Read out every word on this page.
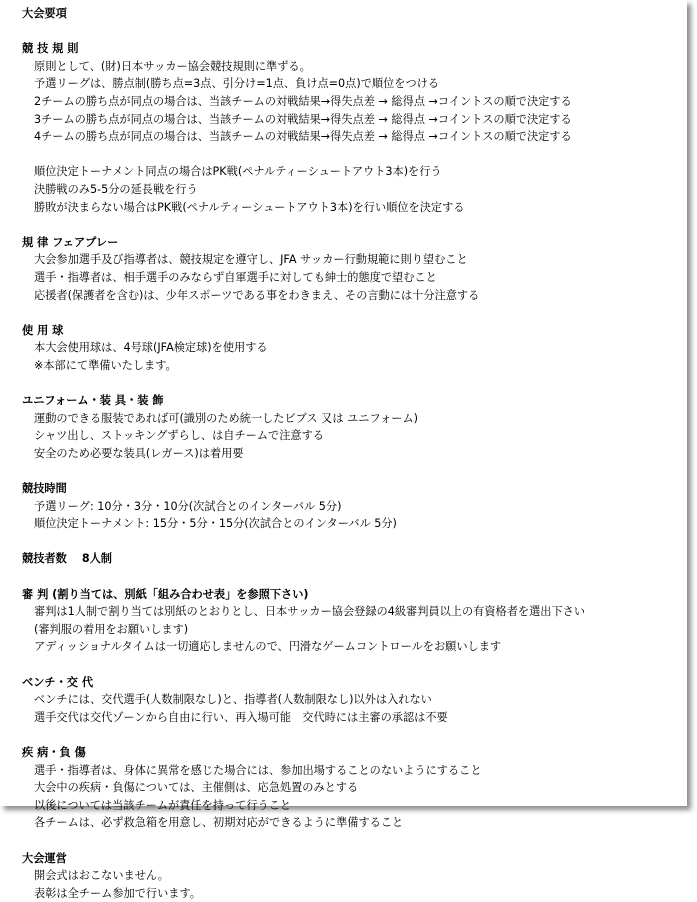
大会要項
競 技 規 則
原則として、(財)日本サッカー協会競技規則に準ずる。
予選リーグは、勝点制(勝ち点=3点、引分け=1点、負け点=0点)で順位をつける
2チームの勝ち点が同点の場合は、当該チームの対戦結果→得失点差 → 総得点 →コイントスの順で決定する
3チームの勝ち点が同点の場合は、当該チームの対戦結果→得失点差 → 総得点 →コイントスの順で決定する
4チームの勝ち点が同点の場合は、当該チームの対戦結果→得失点差 → 総得点 →コイントスの順で決定する
順位決定トーナメント同点の場合はPK戦(ペナルティーシュートアウト3本)を行う
決勝戦のみ5-5分の延長戦を行う
勝敗が決まらない場合はPK戦(ペナルティーシュートアウト3本)を行い順位を決定する
規 律 フェアプレー
大会参加選手及び指導者は、競技規定を遵守し、JFA サッカー行動規範に則り望むこと
選手・指導者は、相手選手のみならず自軍選手に対しても紳士的態度で望むこと
応援者(保護者を含む)は、少年スポーツである事をわきまえ、その言動には十分注意する
使 用 球
本大会使用球は、4号球(JFA検定球)を使用する
※本部にて準備いたします。
ユニフォーム・装 具・装 飾
運動のできる服装であれば可(識別のため統一したビブス 又は ユニフォーム)
シャツ出し、ストッキングずらし、は自チームで注意する
安全のため必要な装具(レガース)は着用要
競技時間
予選リーグ: 10分・3分・10分(次試合とのインターバル 5分)
順位決定トーナメント: 15分・5分・15分(次試合とのインターバル 5分)
競技者数　 8人制
審 判 (割り当ては、別紙「組み合わせ表」を参照下さい)
審判は1人制で割り当ては別紙のとおりとし、日本サッカー協会登録の4級審判員以上の有資格者を選出下さい
(審判服の着用をお願いします)
アディッショナルタイムは一切適応しませんので、円滑なゲームコントロールをお願いします
ベンチ・交 代
ベンチには、交代選手(人数制限なし)と、指導者(人数制限なし)以外は入れない
選手交代は交代ゾーンから自由に行い、再入場可能　交代時には主審の承認は不要
疾 病・負 傷
選手・指導者は、身体に異常を感じた場合には、参加出場することのないようにすること
大会中の疾病・負傷については、主催側は、応急処置のみとする
以後については当該チームが責任を持って行うこと
各チームは、必ず救急箱を用意し、初期対応ができるように準備すること
大会運営
開会式はおこないません。
表彰は全チーム参加で行います。
